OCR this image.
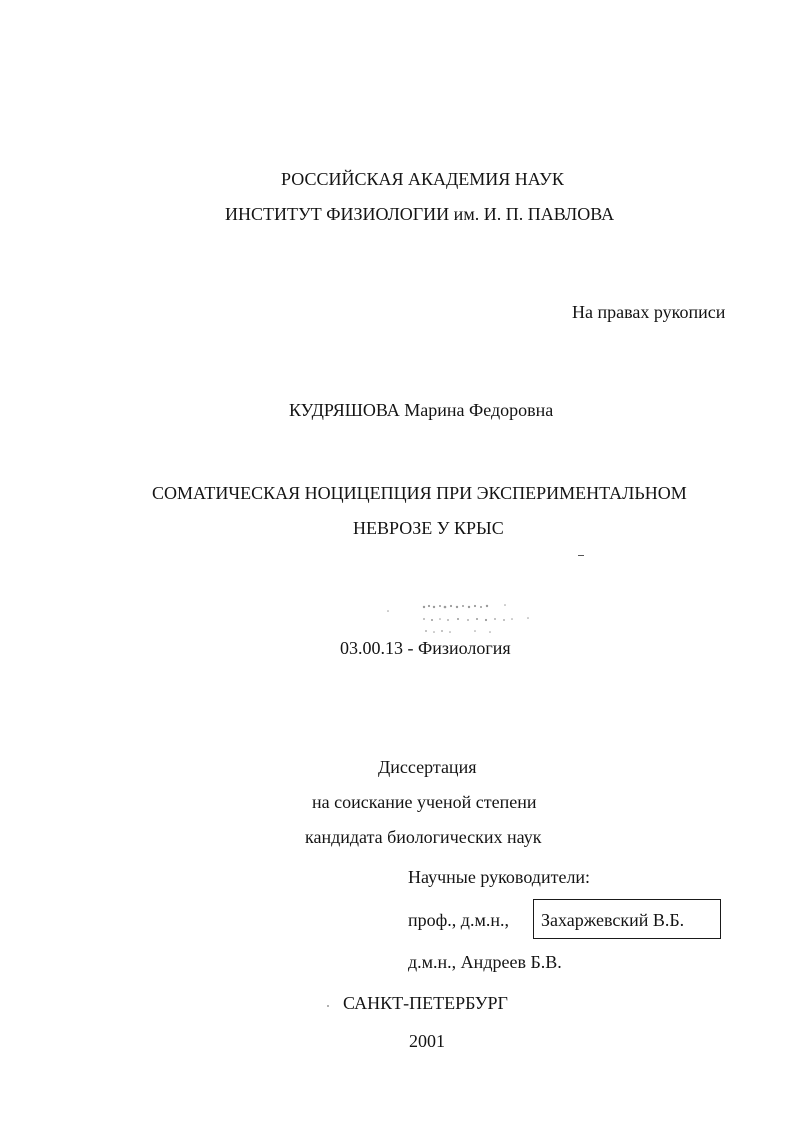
РОССИЙСКАЯ АКАДЕМИЯ НАУК
ИНСТИТУТ ФИЗИОЛОГИИ им. И. П. ПАВЛОВА
На правах рукописи
КУДРЯШОВА Марина Федоровна
СОМАТИЧЕСКАЯ НОЦИЦЕПЦИЯ ПРИ ЭКСПЕРИМЕНТАЛЬНОМ
НЕВРОЗЕ У КРЫС
03.00.13 - Физиология
Диссертация
на соискание ученой степени
кандидата биологических наук
Научные руководители:
проф., д.м.н., Захаржевский В.Б.
д.м.н., Андреев Б.В.
САНКТ-ПЕТЕРБУРГ
2001
